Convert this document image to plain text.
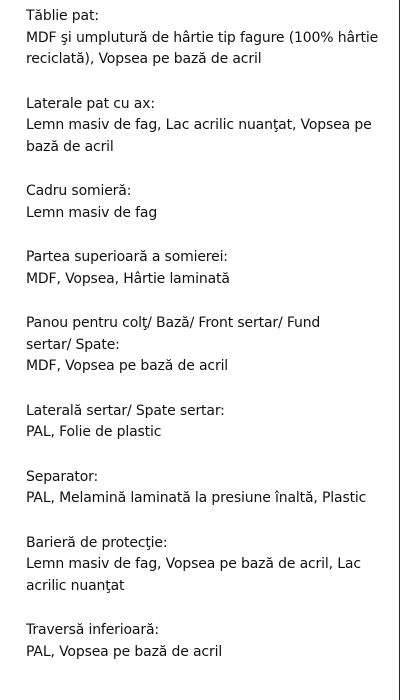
Tăblie pat:
MDF şi umplutură de hârtie tip fagure (100% hârtie
reciclată), Vopsea pe bază de acril
Laterale pat cu ax:
Lemn masiv de fag, Lac acrilic nuanţat, Vopsea pe
bază de acril
Cadru somieră:
Lemn masiv de fag
Partea superioară a somierei:
MDF, Vopsea, Hârtie laminată
Panou pentru colţ/ Bază/ Front sertar/ Fund
sertar/ Spate:
MDF, Vopsea pe bază de acril
Laterală sertar/ Spate sertar:
PAL, Folie de plastic
Separator:
PAL, Melamină laminată la presiune înaltă, Plastic
Barieră de protecţie:
Lemn masiv de fag, Vopsea pe bază de acril, Lac
acrilic nuanţat
Traversă inferioară:
PAL, Vopsea pe bază de acril
